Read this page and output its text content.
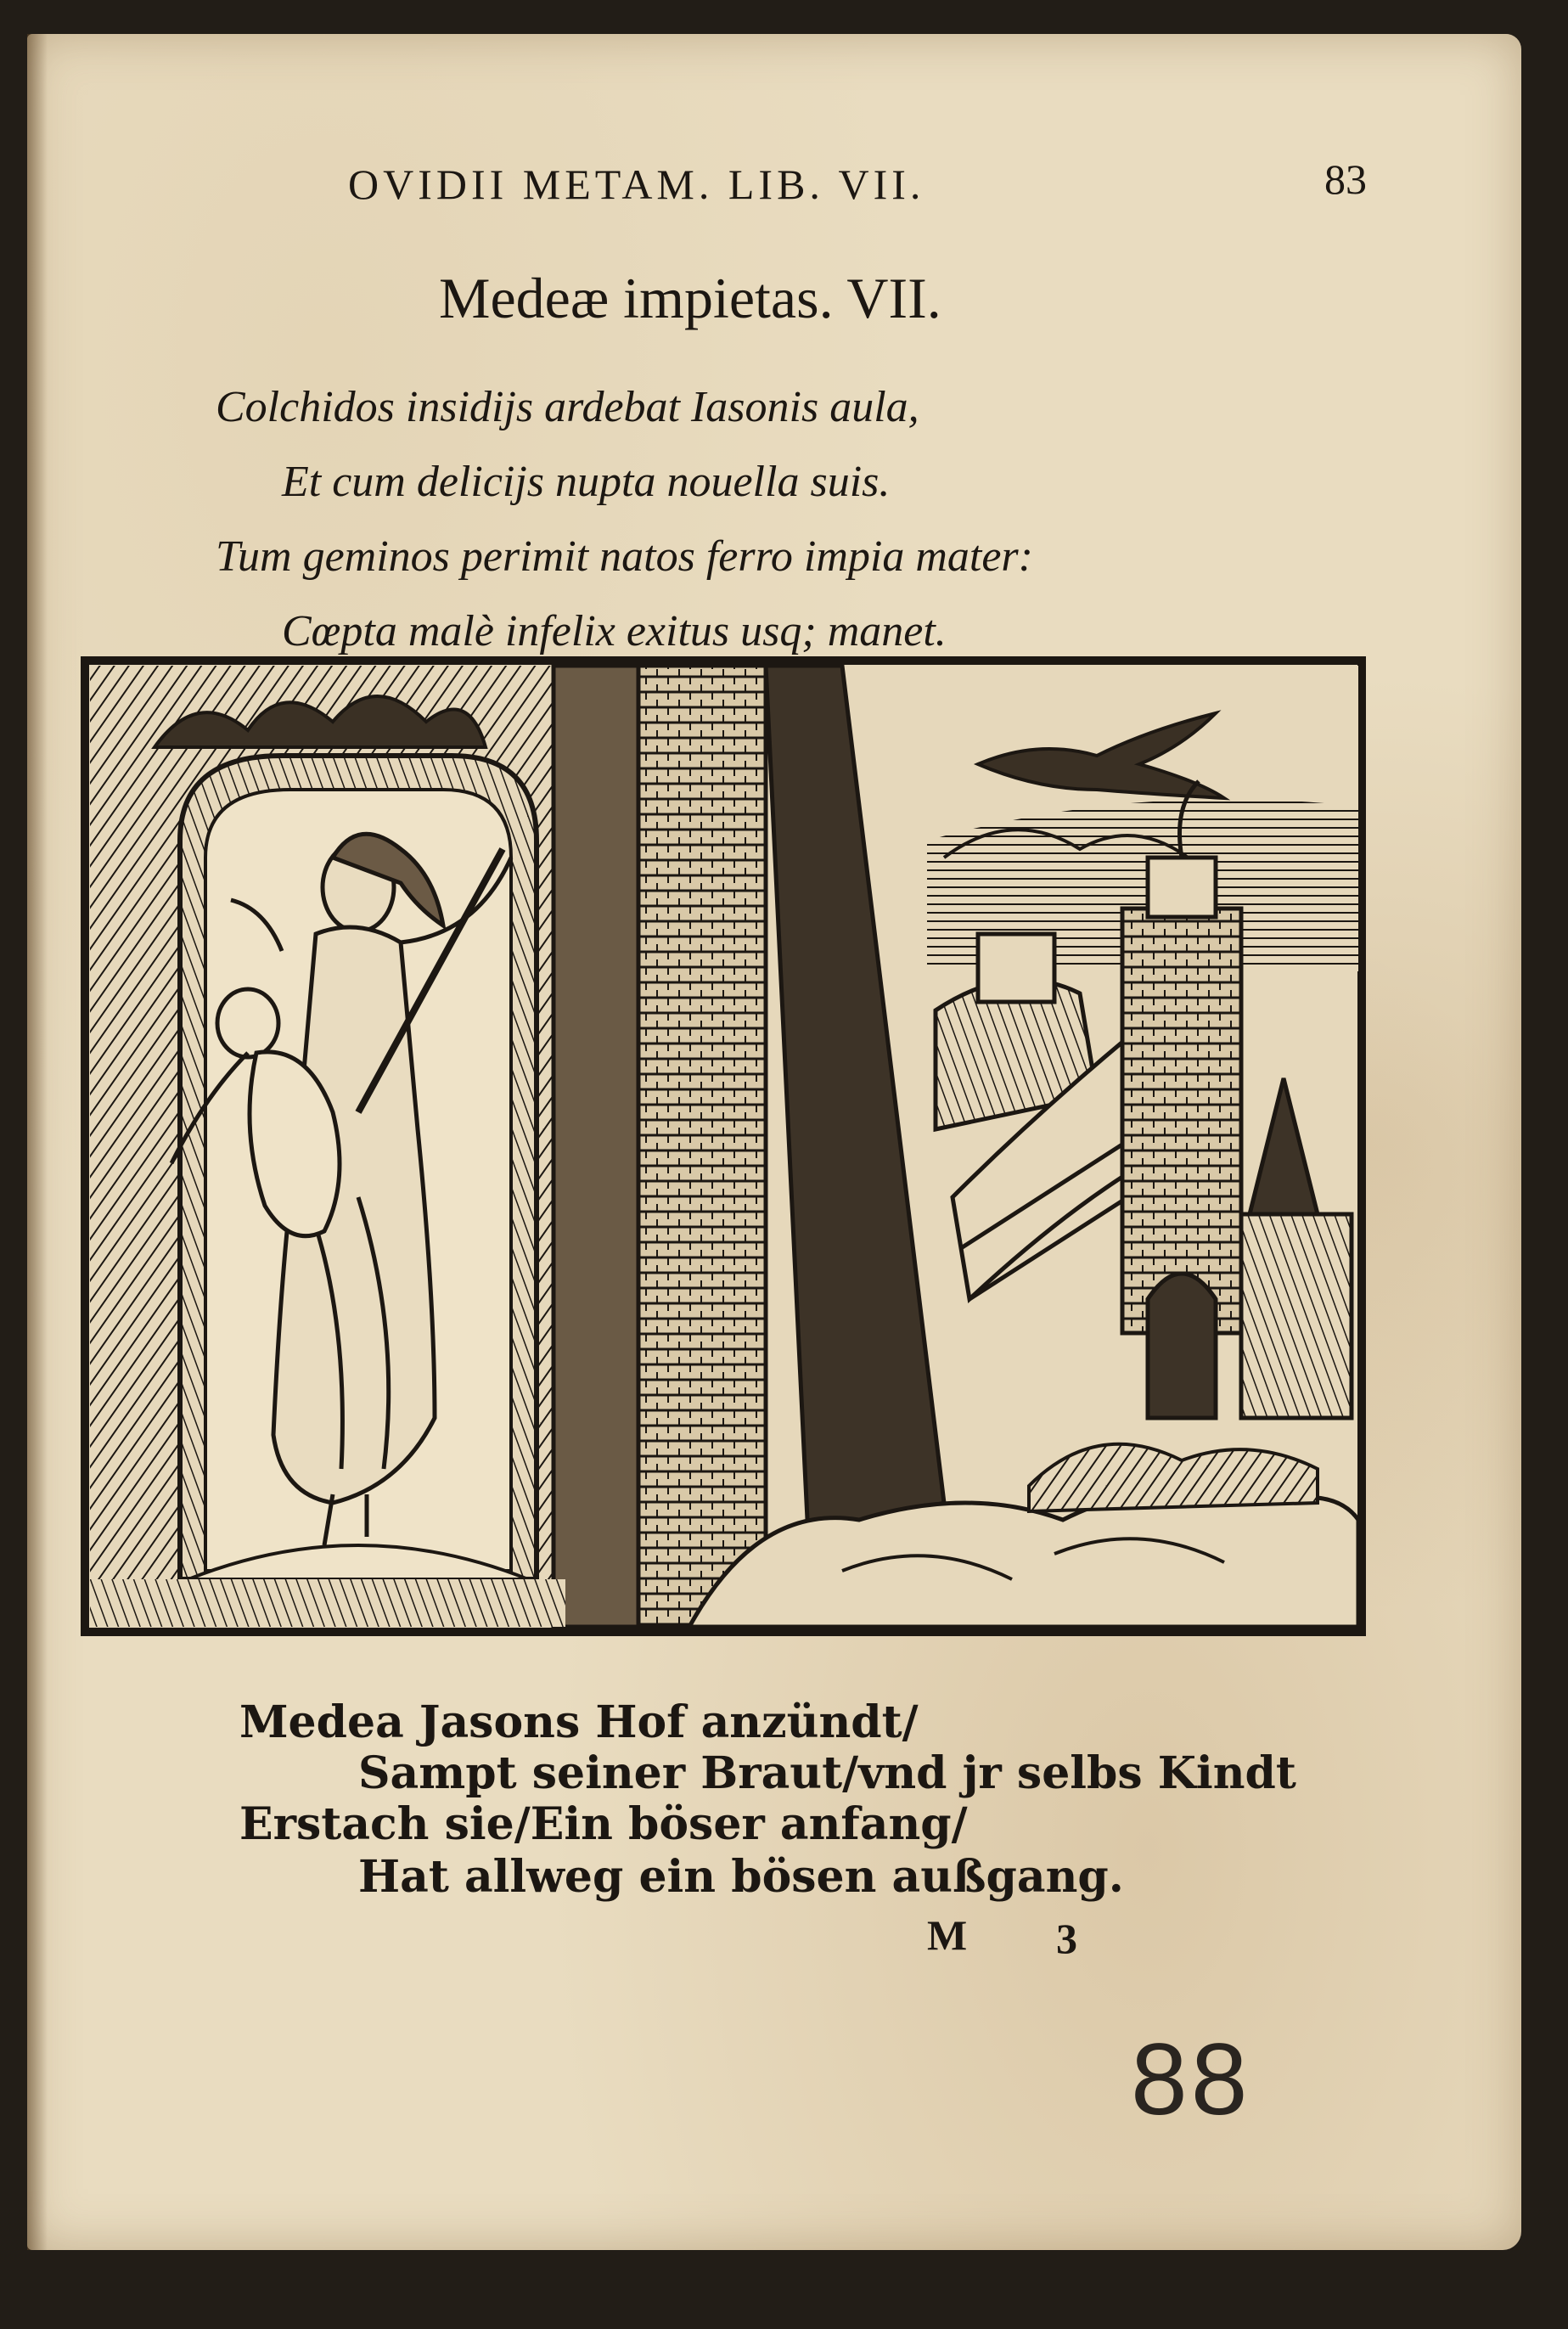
OVIDII METAM. LIB. VII.	83
Medeæ impietas. VII.
Colchidos insidijs ardebat Iasonis aula,
Et cum delicijs nupta nouella suis.
Tum geminos perimit natos ferro impia mater:
Cœpta malè infelix exitus usq; manet.
Medea Jasons Hof anzündt/
Sampt seiner Braut/vnd jr selbs Kindt
Erstach sie/Ein böser anfang/
Hat allweg ein bösen außgang.
M 3
88
